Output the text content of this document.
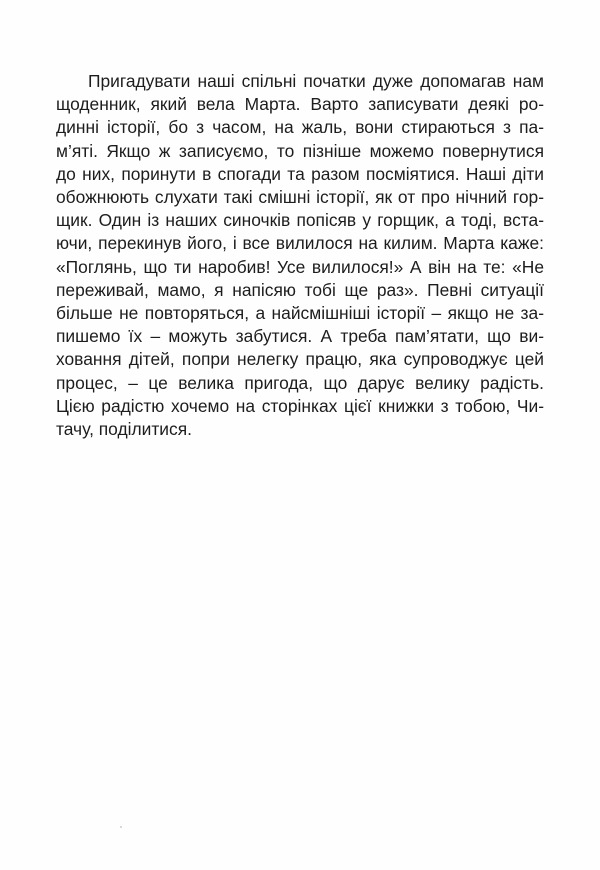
Пригадувати наші спільні початки дуже допомагав нам
щоденник, який вела Марта. Варто записувати деякі ро-
динні історії, бо з часом, на жаль, вони стираються з па-
м’яті. Якщо ж записуємо, то пізніше можемо повернутися
до них, поринути в спогади та разом посміятися. Наші діти
обожнюють слухати такі смішні історії, як от про нічний гор-
щик. Один із наших синочків попісяв у горщик, а тоді, вста-
ючи, перекинув його, і все вилилося на килим. Марта каже:
«Поглянь, що ти наробив! Усе вилилося!» А він на те: «Не
переживай, мамо, я напісяю тобі ще раз». Певні ситуації
більше не повторяться, а найсмішніші історії – якщо не за-
пишемо їх – можуть забутися. А треба пам’ятати, що ви-
ховання дітей, попри нелегку працю, яка супроводжує цей
процес, – це велика пригода, що дарує велику радість.
Цією радістю хочемо на сторінках цієї книжки з тобою, Чи-
тачу, поділитися.
